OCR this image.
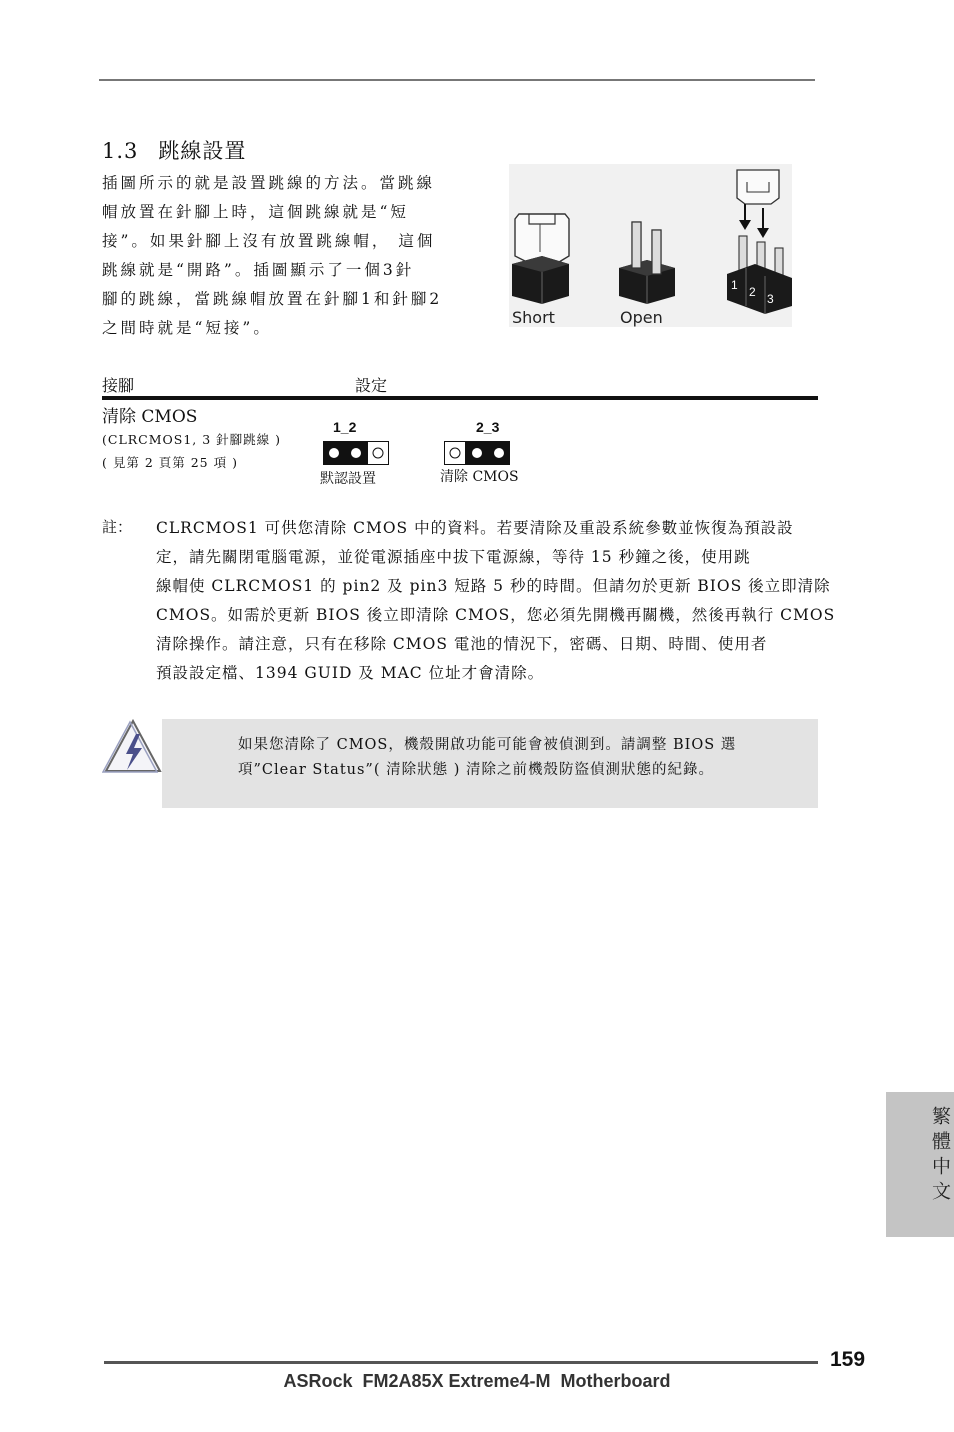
1.3 跳線設置

插圖所示的就是設置跳線的方法。當跳線

帽放置在針腳上時，這個跳線就是“短

接”。如果針腳上沒有放置跳線帽， 這個

跳線就是“開路”。插圖顯示了一個3針

腳的跳線，當跳線帽放置在針腳1和針腳2

之間時就是“短接”。

1 2 3
Short	Open
接腳	設定
清除 CMOS
(CLRCMOS1, 3 針腳跳線 )
( 見第 2 頁第 25 項 )
1_2
默認設置
2_3
清除 CMOS
註： CLRCMOS1 可供您清除 CMOS 中的資料。若要清除及重設系統參數並恢復為預設設

定，請先關閉電腦電源，並從電源插座中拔下電源線，等待 15 秒鐘之後，使用跳

線帽使 CLRCMOS1 的 pin2 及 pin3 短路 5 秒的時間。但請勿於更新 BIOS 後立即清除

CMOS。如需於更新 BIOS 後立即清除 CMOS，您必須先開機再關機，然後再執行 CMOS

清除操作。請注意，只有在移除 CMOS 電池的情況下，密碼、日期、時間、使用者

預設設定檔、1394 GUID 及 MAC 位址才會清除。

如果您清除了 CMOS，機殼開啟功能可能會被偵測到。請調整 BIOS 選

項”Clear Status”( 清除狀態 ) 清除之前機殼防盜偵測狀態的紀錄。

繁體中文
159
ASRock  FM2A85X Extreme4-M  Motherboard
